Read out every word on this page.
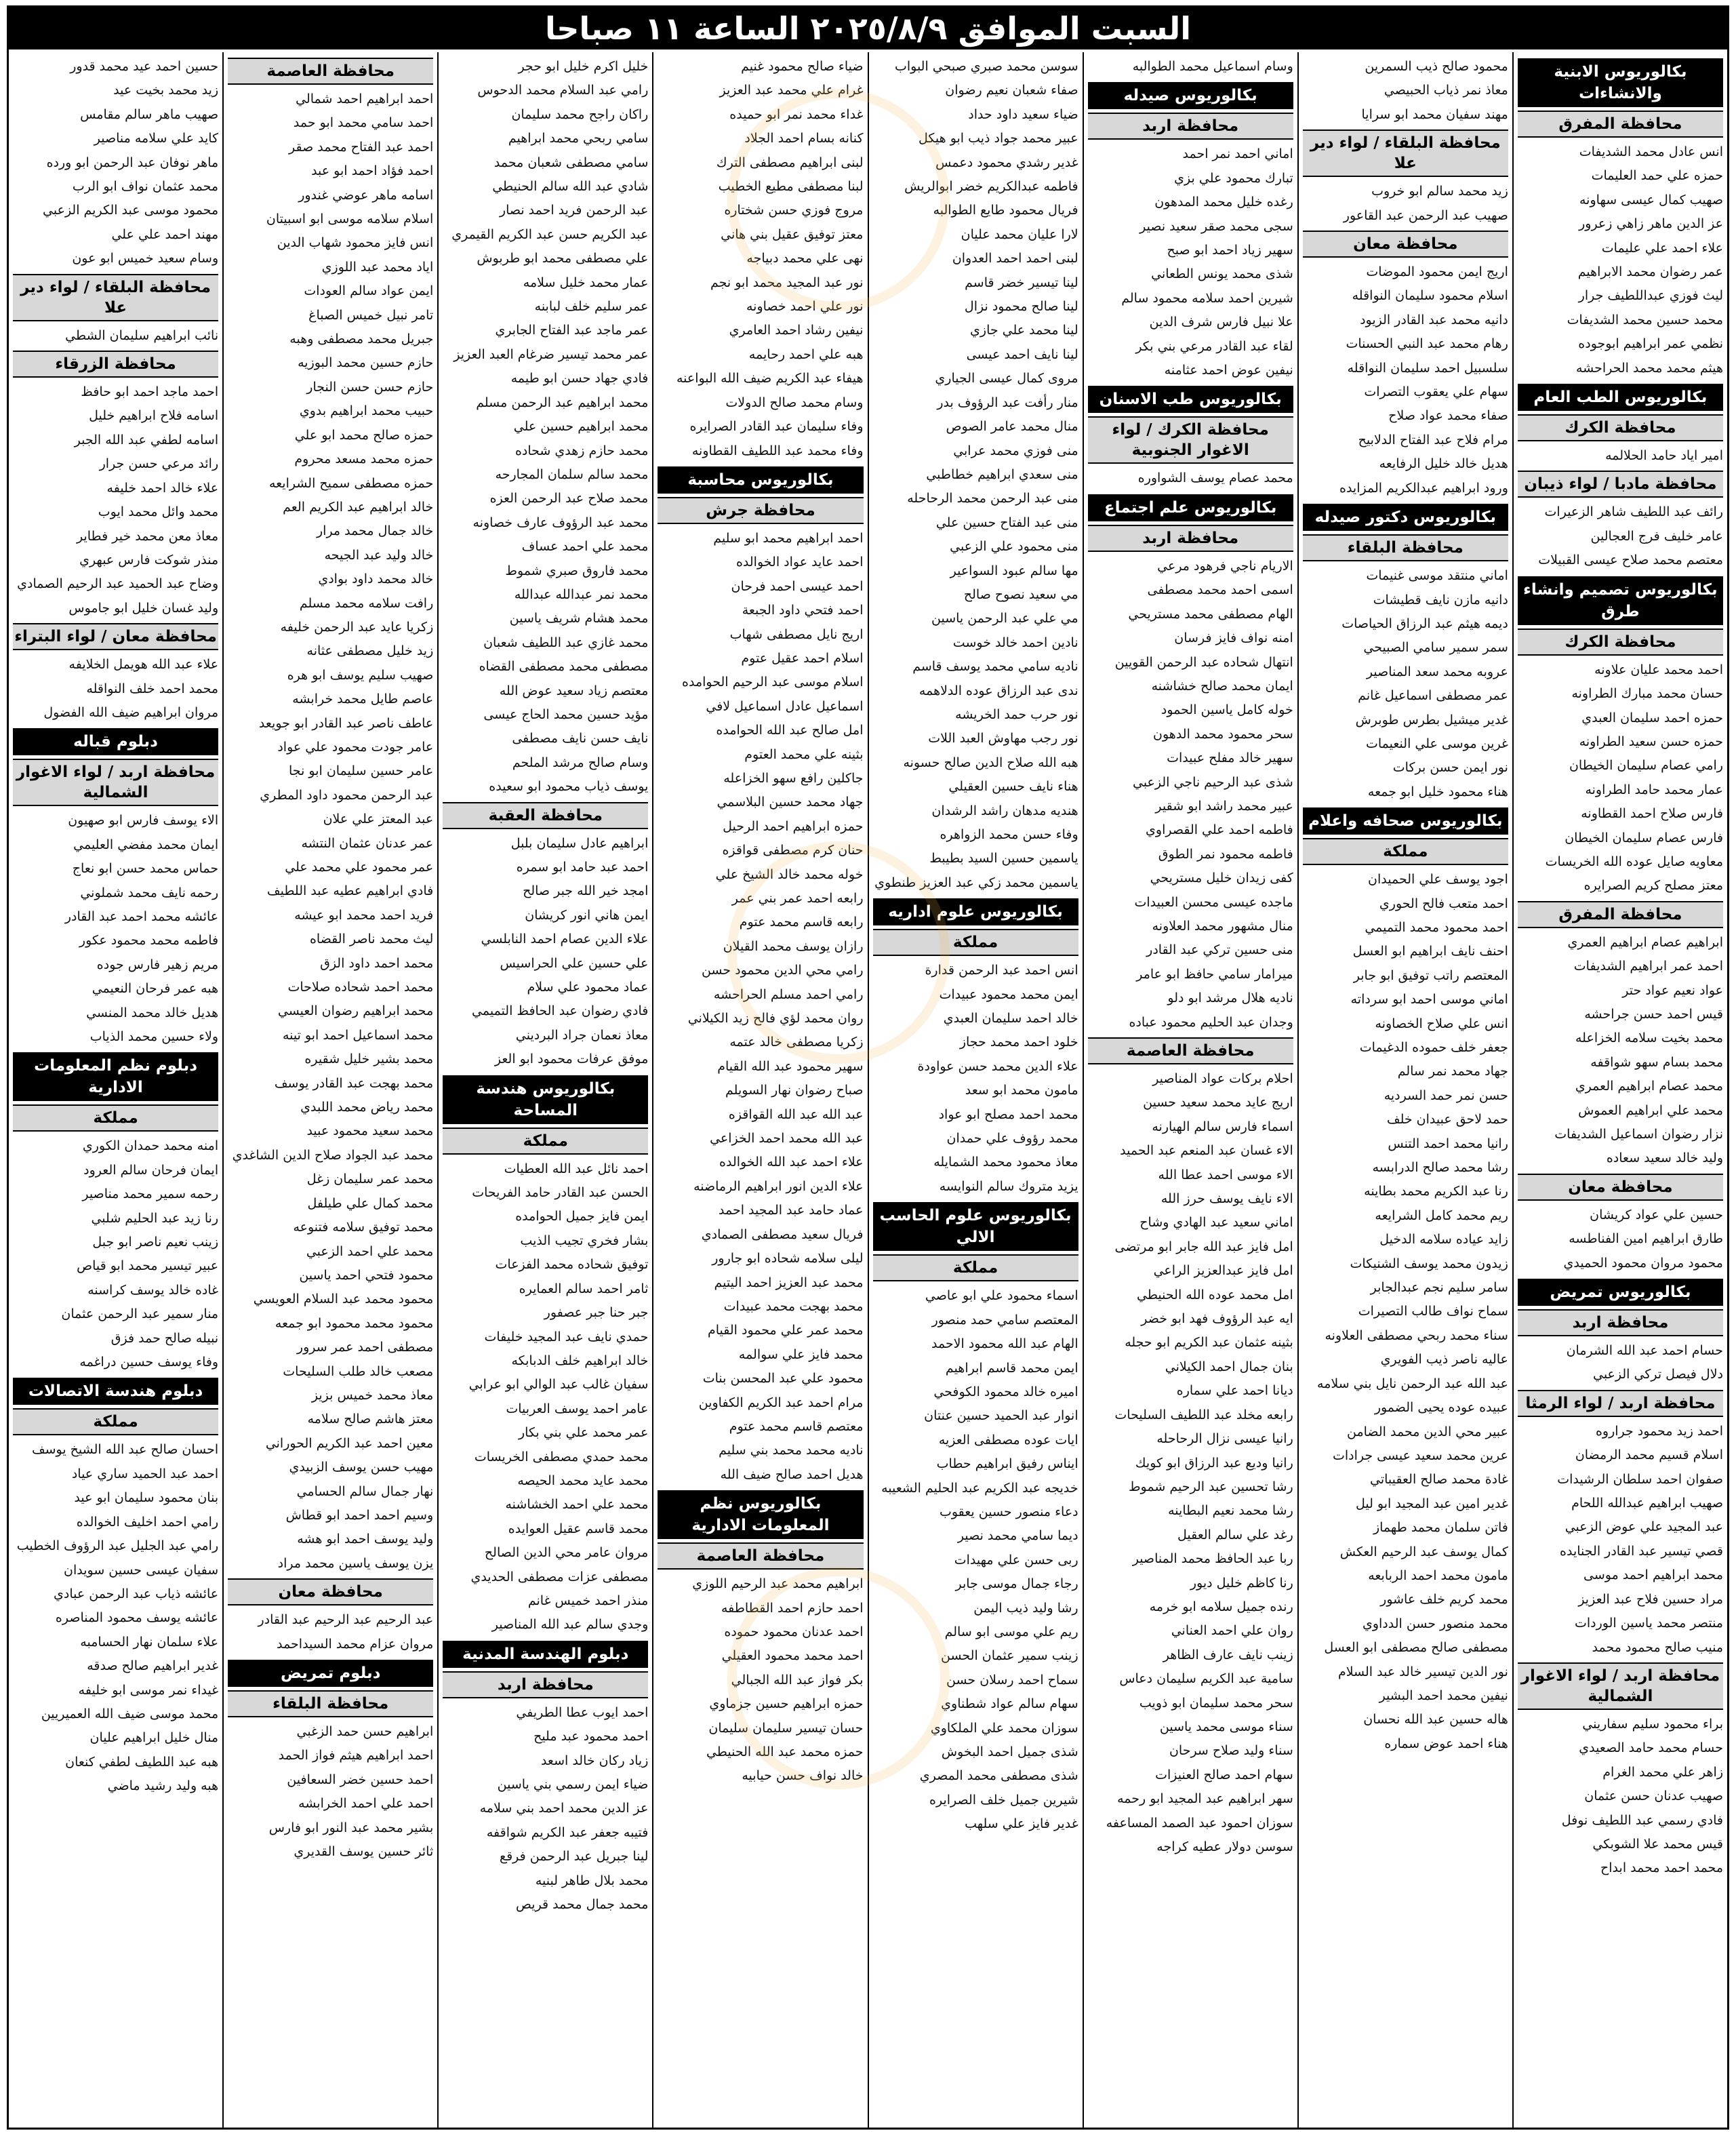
السبت الموافق ٢٠٢٥/٨/٩ الساعة ١١ صباحا
بكالوريوس الابنية والانشاءات
محافظة المفرق
انس عادل محمد الشديفات
حمزه علي حمد العليمات
صهيب كمال عيسى سهاونه
عز الدين ماهر زاهي زعرور
علاء احمد علي عليمات
عمر رضوان محمد الابراهيم
ليث فوزي عبداللطيف جرار
محمد حسين محمد الشديفات
نظمي عمر ابراهيم ابوجوده
هيثم محمد محمد الحراحشه
بكالوريوس الطب العام
محافظة الكرك
امير اياد حامد الحلالمه
محافظة مادبا / لواء ذيبان
رائف عبد اللطيف شاهر الزعيرات
عامر خليف فرج العجالين
معتصم محمد صلاح عيسى القبيلات
بكالوريوس تصميم وانشاء طرق
محافظة الكرك
احمد محمد عليان علاونه
حسان محمد مبارك الطراونه
حمزه احمد سليمان العبدي
حمزه حسن سعيد الطراونه
رامي عصام سليمان الخيطان
عمار محمد حامد الطراونه
فارس صلاح احمد القطاونه
فارس عصام سليمان الخيطان
معاويه صايل عوده الله الخريسات
معتز مصلح كريم الصرايره
محافظة المفرق
ابراهيم عصام ابراهيم العمري
احمد عمر ابراهيم الشديفات
عواد نعيم عواد حتر
قيس احمد حسن جراحشه
محمد بخيت سلامه الخزاعله
محمد بسام سهو شواقفه
محمد عصام ابراهيم العمري
محمد علي ابراهيم العموش
نزار رضوان اسماعيل الشديفات
وليد خالد سعيد سعاده
محافظة معان
حسين علي عواد كريشان
طارق ابراهيم امين الفناطسه
محمود مروان محمود الحميدي
بكالوريوس تمريض
محافظة اربد
حسام احمد عبد الله الشرمان
دلال فيصل تركي الزعبي
محافظة اربد / لواء الرمثا
احمد زيد محمود جراروه
اسلام قسيم محمد الرمضان
صفوان احمد سلطان الرشيدات
صهيب ابراهيم عبدالله اللحام
عبد المجيد علي عوض الزعبي
قصي تيسير عبد القادر الجنايده
محمد ابراهيم احمد موسى
مراد حسين فلاح عبد العزيز
منتصر محمد ياسين الوردات
منيب صالح محمود محمد
محافظة اربد / لواء الاغوار الشمالية
براء محمود سليم سفاريني
حسام محمد حامد الصعيدي
زاهر علي محمد الغرام
صهيب عدنان حسن عثمان
فادي رسمي عبد اللطيف نوفل
قيس محمد علا الشوبكي
محمد احمد محمد ابداح
محمود صالح ذيب السمرين
معاذ نمر ذياب الحبيصي
مهند سفيان محمد ابو سرايا
محافظة البلقاء / لواء دير علا
زيد محمد سالم ابو خروب
صهيب عبد الرحمن عبد القاعور
محافظة معان
اريج ايمن محمود الموضات
اسلام محمود سليمان النواقله
دانيه محمد عبد القادر الزيود
رهام محمد عبد النبي الحسنات
سلسبيل احمد سليمان النواقله
سهام علي يعقوب التصرات
صفاء محمد عواد صلاح
مرام فلاح عبد الفتاح الدلابيح
هديل خالد خليل الرفايعه
ورود ابراهيم عبدالكريم المزايده
بكالوريوس دكتور صيدله
محافظة البلقاء
اماني منتقد موسى غنيمات
دانيه مازن نايف قطيشات
ديمه هيثم عبد الرزاق الحياصات
سمر سمير سامي الصبيحي
عروبه محمد سعد المناصير
عمر مصطفى اسماعيل غانم
غدير ميشيل بطرس طوبرش
غرين موسى علي النعيمات
نور ايمن حسن بركات
هناء محمود خليل ابو جمعه
بكالوريوس صحافه واعلام
مملكة
اجود يوسف علي الحميدان
احمد متعب فالح الحوري
احمد محمود محمد التميمي
احنف نايف ابراهيم ابو العسل
المعتصم راتب توفيق ابو جابر
اماني موسى احمد ابو سرداته
انس علي صلاح الخصاونه
جعفر خلف حموده الدغيمات
جهاد محمد نمر سالم
حسن نمر حمد السرديه
حمد لاحق عبيدان خلف
رانيا محمد احمد التنس
رشا محمد صالح الدرابسه
رنا عبد الكريم محمد بطاينه
ريم محمد كامل الشرايعه
زايد عياده سلامه الدخيل
زيدون محمد يوسف الشنيكات
سامر سليم نجم عبدالجابر
سماح نواف طالب التصيرات
سناء محمد ربحي مصطفى العلاونه
عاليه ناصر ذيب الفويري
عبد الله عبد الرحمن نايل بني سلامه
عبيده عوده يحيى الضمور
عبير محي الدين محمد الضامن
عرين محمد سعيد عيسى جرادات
غادة محمد صالح العقيباتي
غدير امين عبد المجيد ابو ليل
فاتن سلمان محمد طهماز
كمال يوسف عبد الرحيم العكش
مامون محمد احمد الربابعه
محمد كريم خلف عاشور
محمد منصور حسن الدداوي
مصطفى صالح مصطفى ابو العسل
نور الدين تيسير خالد عبد السلام
نيفين محمد احمد البشير
هاله حسين عبد الله نحسان
هناء احمد عوض سماره
وسام اسماعيل محمد الطوالبه
بكالوريوس صيدله
محافظة اربد
اماني احمد نمر احمد
تبارك محمود علي بزي
رغده خليل محمد المدهون
سجى محمد صقر سعيد نصير
سهير زياد احمد ابو صبح
شذى محمد يونس الطعاني
شيرين احمد سلامه محمود سالم
علا نبيل فارس شرف الدين
لقاء عبد القادر مرعي بني بكر
نيفين عوض احمد عثامنه
بكالوريوس طب الاسنان
محافظة الكرك / لواء الاغوار الجنوبية
محمد عصام يوسف الشواوره
بكالوريوس علم اجتماع
محافظة اربد
الاريام ناجي فرهود مرعي
اسمى احمد محمد مصطفى
الهام مصطفى محمد مستريحي
امنه نواف فايز فرسان
انتهال شحاده عبد الرحمن القويين
ايمان محمد صالح خشاشنه
خوله كامل ياسين الحمود
سحر محمود محمد الدهون
سهير خالد مفلح عبيدات
شذى عبد الرحيم ناجي الزعبي
عبير محمد راشد ابو شقير
فاطمه احمد علي القصراوي
فاطمه محمود نمر الطوق
كفى زيدان خليل مستريحي
ماجده عيسى محسن العبيدات
منال مشهور محمد العلاونه
منى حسين تركي عبد القادر
ميرامار سامي حافظ ابو عامر
ناديه هلال مرشد ابو دلو
وجدان عبد الحليم محمود عباده
محافظة العاصمة
احلام بركات عواد المناصير
اريج عايد محمد سعيد حسين
اسماء فارس سالم الهيارنه
الاء غسان عبد المنعم عبد الحميد
الاء موسى احمد عطا الله
الاء نايف يوسف حرز الله
اماني سعيد عبد الهادي وشاح
امل فايز عبد الله جابر ابو مرتضى
امل فايز عبدالعزيز الراعي
امل محمد عوده الله الحنيطي
ايه عبد الرؤوف فهد ابو خضر
بثينه عثمان عبد الكريم ابو حجله
بنان جمال احمد الكيلاني
ديانا احمد علي سماره
رابعه مخلد عبد اللطيف السليحات
رانيا عيسى نزال الرحاحله
رانيا وديع عبد الرزاق ابو كويك
رشا تحسين عبد الرحيم شموط
رشا محمد نعيم البطاينه
رغد علي سالم العقيل
ربا عبد الحافظ محمد المناصير
رنا كاظم خليل ديور
رنده جميل سلامه ابو خرمه
روان علي احمد العناني
زينب نايف عارف الظاهر
سامية عبد الكريم سليمان دعاس
سحر محمد سليمان ابو ذويب
سناء موسى محمد ياسين
سناء وليد صلاح سرحان
سهام احمد صالح العنيزات
سهر ابراهيم عبد المجيد ابو رحمه
سوزان احمود عبد الصمد المساعفه
سوسن دولار عطيه كراجه
سوسن محمد صبري صبحي البواب
صفاء شعبان نعيم رضوان
ضياء سعيد داود حداد
عبير محمد جواد ذيب ابو هيكل
غدير رشدي محمود دعمس
فاطمه عبدالكريم خضر ابوالريش
فريال محمود طايع الطوالبه
لارا عليان محمد عليان
لبنى احمد احمد العدوان
لينا تيسير خضر قاسم
لينا صالح محمود نزال
لينا محمد علي جازي
لينا نايف احمد عيسى
مروى كمال عيسى الجياري
منار رأفت عبد الرؤوف بدر
منال محمد عامر الصوص
منى فوزي محمد عرابي
منى سعدي ابراهيم خطاطبي
منى عبد الرحمن محمد الرحاحله
منى عبد الفتاح حسين علي
منى محمود علي الزعبي
مها سالم عبود السواعير
مي سعيد نصوح صالح
مي علي عبد الرحمن ياسين
نادين احمد خالد خوست
ناديه سامي محمد يوسف قاسم
ندى عبد الرزاق عوده الدلاهمه
نور حرب حمد الخريشه
نور رجب مهاوش العبد اللات
هبه الله صلاح الدين صالح حسونه
هناء نايف حسين العقيلي
هنديه مدهان راشد الرشدان
وفاء حسن محمد الزواهره
ياسمين حسين السيد بطيبط
ياسمين محمد زكي عبد العزيز طنطوي
بكالوريوس علوم اداريه
مملكة
انس احمد عبد الرحمن قدارة
ايمن محمد محمود عبيدات
خالد احمد سليمان العبدي
خلود احمد محمد حجاز
علاء الدين محمد حسن عواودة
مامون محمد ابو سعد
محمد احمد مصلح ابو عواد
محمد رؤوف علي حمدان
معاذ محمود محمد الشمايله
يزيد متروك سالم النوايسه
بكالوريوس علوم الحاسب الالي
مملكة
اسماء محمود علي ابو عاصي
المعتصم سامي حمد منصور
الهام عبد الله محمود الاحمد
ايمن محمد قاسم ابراهيم
اميره خالد محمود الكوفحي
انوار عبد الحميد حسين عنتان
ايات عوده مصطفى العزيه
ايناس رفيق ابراهيم حطاب
خديجه عبد الكريم عبد الحليم الشعيبه
دعاء منصور حسين يعقوب
ديما سامي محمد نصير
ربى حسن علي مهيدات
رجاء جمال موسى جابر
رشا وليد ذيب اليمن
ريم علي موسى ابو سالم
زينب سمير عثمان الحسن
سماح احمد رسلان حسن
سهام سالم عواد شطناوي
سوزان محمد علي الملكاوي
شذى جميل احمد البخوش
شذى مصطفى محمد المصري
شيرين جميل خلف الصرايره
غدير فايز علي سلهب
ضياء صالح محمود غنيم
غرام علي محمد عبد العزيز
غداء محمد نمر ابو حميده
كنانه بسام احمد الجلاد
لبنى ابراهيم مصطفى الترك
لبنا مصطفى مطيع الخطيب
مروج فوزي حسن شختاره
معتز توفيق عقيل بني هاني
نهى علي محمد دبياجه
نور عبد المجيد محمد ابو نجم
نور علي احمد خصاونه
نيفين رشاد احمد العامري
هبه علي احمد رحايمه
هيفاء عبد الكريم ضيف الله البواعنه
وسام محمد صالح الدولات
وفاء سليمان عبد القادر الصرايره
وفاء محمد عبد اللطيف القطاونه
بكالوريوس محاسبة
محافظة جرش
احمد ابراهيم محمد ابو سليم
احمد عايد عواد الخوالده
احمد عيسى احمد فرحان
احمد فتحي داود الجبعة
اريج نايل مصطفى شهاب
اسلام احمد عقيل عتوم
اسلام موسى عبد الرحيم الحوامده
اسماعيل عادل اسماعيل لافي
امل صالح عبد الله الحوامده
بثينه علي محمد العتوم
جاكلين رافع سهو الخزاعله
جهاد محمد حسين البلاسمي
حمزه ابراهيم احمد الرحيل
حنان كرم مصطفى قواقزه
خوله محمد خالد الشيخ علي
رابعه احمد عمر بني عمر
رابعه قاسم محمد عتوم
رازان يوسف محمد القيلان
رامي محي الدين محمود حسن
رامي احمد مسلم الحراحشه
روان محمد لؤي فالح زيد الكيلاني
زكريا مصطفى خالد عتمه
سهير محمود عبد الله القيام
صباح رضوان نهار السويلم
عبد الله عبد الله القواقزه
عبد الله محمد احمد الخزاعي
علاء احمد عبد الله الخوالده
علاء الدين انور ابراهيم الرماضنه
عماد حامد عبد المجيد احمد
فريال سعيد مصطفى الصمادي
ليلى سلامه شحاده ابو جارور
محمد عبد العزيز احمد اليتيم
محمد بهجت محمد عبيدات
محمد عمر علي محمود القيام
محمد فايز علي سوالمه
محمود علي عبد المحسن بنات
مرام احمد عبد الكريم الكفاوين
معتصم قاسم محمد عتوم
ناديه محمد محمد بني سليم
هديل احمد صالح ضيف الله
بكالوريوس نظم المعلومات الادارية
محافظة العاصمة
ابراهيم محمد عبد الرحيم اللوزي
احمد حازم احمد القطاطفه
احمد عدنان محمود حموده
احمد محمد محمود العقيلي
بكر فواز عبد الله الجبالي
حمزه ابراهيم حسين جزماوي
حسان تيسير سليمان سليمان
حمزه محمد عبد الله الحنيطي
خالد نواف حسن حيابيه
خليل اكرم خليل ابو حجر
رامي عبد السلام محمد الدحوس
راكان راجح محمد سليمان
سامي ربحي محمد ابراهيم
سامي مصطفى شعبان محمد
شادي عبد الله سالم الحنيطي
عبد الرحمن فريد احمد نصار
عبد الكريم حسن عبد الكريم القيمري
علي مصطفى محمد ابو طربوش
عمار محمد خليل سلامه
عمر سليم خلف لبابنه
عمر ماجد عبد الفتاح الجابري
عمر محمد تيسير ضرغام العبد العزيز
فادي جهاد حسن ابو طيمه
محمد ابراهيم عبد الرحمن مسلم
محمد ابراهيم حسين علي
محمد حازم زهدي شحاده
محمد سالم سلمان المجارحه
محمد صلاح عبد الرحمن العزه
محمد عبد الرؤوف عارف خصاونه
محمد علي احمد عساف
محمد فاروق صبري شموط
محمد نمر عبدالله عبدالله
محمد هشام شريف ياسين
محمد غازي عبد اللطيف شعبان
مصطفى محمد مصطفى القضاه
معتصم زياد سعيد عوض الله
مؤيد حسين محمد الحاج عيسى
نايف حسن نايف مصطفى
وسام صالح مرشد الملحم
يوسف ذياب محمود ابو سعيده
محافظة العقبة
ابراهيم عادل سليمان بلبل
احمد عبد حامد ابو سمره
امجد خير الله جبر صالح
ايمن هاني انور كريشان
علاء الدين عصام احمد النابلسي
علي حسين علي الحراسيس
عماد محمود علي سلام
فادي رضوان عبد الحافظ التميمي
معاذ نعمان جراد البرديني
موفق عرفات محمود ابو العز
بكالوريوس هندسة المساحة
مملكة
احمد نائل عبد الله العطيات
الحسن عبد القادر حامد الفريحات
ايمن فايز جميل الحوامده
بشار فخري تجيب الذيب
توفيق شحاده محمد الفزعات
ثامر احمد سالم العمايره
جبر حنا جبر عصفور
حمدي نايف عبد المجيد خليفات
خالد ابراهيم خلف الدبابكه
سفيان غالب عبد الوالي ابو عرابي
عامر احمد يوسف العربيات
عمر محمد علي بني بكار
محمد حمدي مصطفى الخريسات
محمد عايد محمد الحيصه
محمد علي احمد الخشاشنه
محمد قاسم عقيل العوايده
مروان عامر محي الدين الصالح
مصطفى عزات مصطفى الحديدي
منذر احمد خميس غانم
وجدي سالم عبد الله المناصير
دبلوم الهندسة المدنية
محافظة اربد
احمد ايوب عطا الطريفي
احمد محمود عبد مليح
زياد ركان خالد اسعد
ضياء ايمن رسمي بني ياسين
عز الدين محمد احمد بني سلامه
فتيبه جعفر عبد الكريم شواقفه
لينا جبريل عبد الرحمن فرقع
محمد بلال طاهر لبنيه
محمد جمال محمد قريص
محافظة العاصمة
احمد ابراهيم احمد شمالي
احمد سامي محمد ابو حمد
احمد عبد الفتاح محمد صقر
احمد فؤاد احمد ابو عبد
اسامه ماهر عوضي غندور
اسلام سلامه موسى ابو اسبيتان
انس فايز محمود شهاب الدين
اياد محمد عبد اللوزي
ايمن عواد سالم العودات
تامر نبيل خميس الصباغ
جبريل محمد مصطفى وهبه
حازم حسين محمد البوزيه
حازم حسن حسن النجار
حبيب محمد ابراهيم بدوي
حمزه صالح محمد ابو علي
حمزه محمد مسعد محروم
حمزه مصطفى سميح الشرايعه
خالد ابراهيم عبد الكريم العم
خالد جمال محمد مرار
خالد وليد عبد الجيحه
خالد محمد داود بوادي
رافت سلامه محمد مسلم
زكريا عايد عبد الرحمن خليفه
زيد خليل مصطفى عثانه
صهيب سليم يوسف ابو هره
عاصم طايل محمد خرابشه
عاطف ناصر عبد القادر ابو جويعد
عامر جودت محمود علي عواد
عامر حسين سليمان ابو نجا
عبد الرحمن محمود داود المطري
عبد المعتز علي علان
عمر عدنان عثمان النتشه
عمر محمود علي محمد علي
فادي ابراهيم عطيه عبد اللطيف
فريد احمد محمد ابو عيشه
ليث محمد ناصر القضاه
محمد احمد داود الزق
محمد احمد شحاده صلاحات
محمد ابراهيم رضوان العيسي
محمد اسماعيل احمد ابو تينه
محمد بشير خليل شقيره
محمد بهجت عبد القادر يوسف
محمد رياض محمد اللبدي
محمد سعيد محمود عبيد
محمد عبد الجواد صلاح الدين الشاغدي
محمد عمر سليمان زغل
محمد كمال علي طيلفل
محمد توفيق سلامه فتنوعه
محمد علي احمد الزعبي
محمود فتحي احمد ياسين
محمود محمد عبد السلام العويسي
محمود محمد محمود ابو جمعه
مصطفى احمد عمر سرور
مصعب خالد طلب السليحات
معاذ محمد خميس بزيز
معتز هاشم صالح سلامه
معين احمد عبد الكريم الحوراني
مهيب حسن يوسف الزبيدي
نهار جمال سالم الحسامي
وسيم احمد احمد ابو قطاش
وليد يوسف احمد ابو هشه
يزن يوسف ياسين محمد مراد
محافظة معان
عبد الرحيم عبد الرحيم عبد القادر
مروان عزام محمد السيداحمد
دبلوم تمريض
محافظة البلقاء
ابراهيم حسن حمد الزغبي
احمد ابراهيم هيثم فواز الحمد
احمد حسين خضر السعافين
احمد علي احمد الخرابشه
بشير محمد عبد النور ابو فارس
ثائر حسين يوسف القديري
حسين احمد عيد محمد قدور
زيد محمد بخيت عيد
صهيب ماهر سالم مقامس
كايد علي سلامه مناصير
ماهر نوفان عبد الرحمن ابو ورده
محمد عثمان نواف ابو الرب
محمود موسى عبد الكريم الزعبي
مهند احمد علي علي
وسام سعيد خميس ابو عون
محافظة البلقاء / لواء دير علا
نائب ابراهيم سليمان الشطي
محافظة الزرقاء
احمد ماجد احمد ابو حافظ
اسامه فلاح ابراهيم خليل
اسامه لطفي عبد الله الجبر
رائد مرعي حسن جرار
علاء خالد احمد خليفه
محمد وائل محمد ايوب
معاذ معن محمد خير فطاير
منذر شوكت فارس عبهري
وضاح عبد الحميد عبد الرحيم الصمادي
وليد غسان خليل ابو جاموس
محافظة معان / لواء البتراء
علاء عبد الله هويمل الخلايفه
محمد احمد خلف النواقله
مروان ابراهيم ضيف الله الفضول
دبلوم قباله
محافظة اربد / لواء الاغوار الشمالية
الاء يوسف فارس ابو صهيون
ايمان محمد مفضي العليمي
حماس محمد حسن ابو نعاج
رحمه نايف محمد شملوني
عائشه محمد احمد عبد القادر
فاطمه محمد محمود عكور
مريم زهير فارس جوده
هبه عمر فرحان النعيمي
هديل خالد محمد المنسي
ولاء حسين محمد الذياب
دبلوم نظم المعلومات الادارية
مملكة
امنه محمد حمدان الكوري
ايمان فرحان سالم العرود
رحمه سمير محمد مناصير
رنا زيد عبد الحليم شلبي
زينب نعيم ناصر ابو جبل
عبير تيسير محمد ابو قياص
غاده خالد يوسف كراسنه
منار سمير عبد الرحمن عثمان
نبيله صالح حمد فزق
وفاء يوسف حسين دراغمه
دبلوم هندسة الاتصالات
مملكة
احسان صالح عبد الله الشيخ يوسف
احمد عبد الحميد ساري عياد
بنان محمود سليمان ابو عيد
رامي احمد اخليف الخوالده
رامي عبد الجليل عبد الرؤوف الخطيب
سفيان عيسى حسين سويدان
عائشه ذياب عبد الرحمن عبادي
عائشه يوسف محمود المناصره
علاء سلمان نهار الحسامبه
غدير ابراهيم صالح صدقه
غيداء نمر موسى ابو خليفه
محمد موسى ضيف الله العميريين
منال خليل ابراهيم عليان
هبه عبد اللطيف لطفي كنعان
هبه وليد رشيد ماضي
